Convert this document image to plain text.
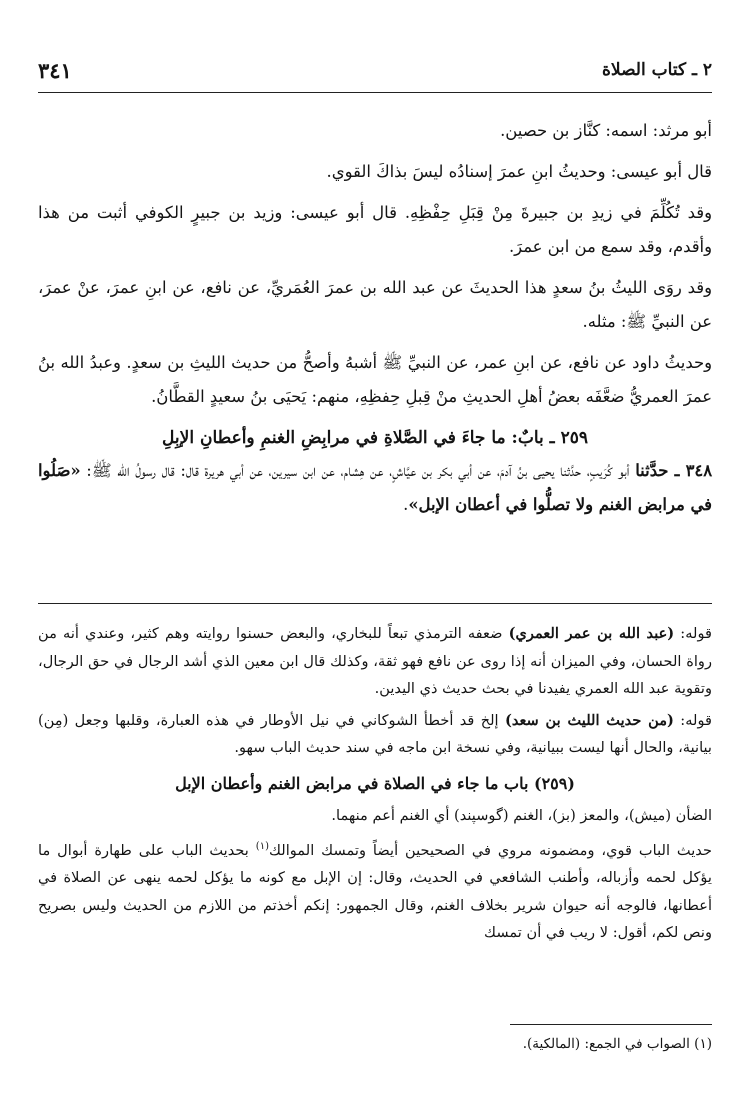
٢ ـ كتاب الصلاة
٣٤١

أبو مرثد: اسمه: كنَّاز بن حصين.

قال أبو عيسى: وحديثُ ابنِ عمرَ إسنادُه ليسَ بذاكَ القوي.

وقد تُكُلِّمَ في زيدِ بن جبيرةَ مِنْ قِبَلِ حِفْظِهِ. قال أبو عيسى: وزيد بن جبيرٍ الكوفي أثبت من هذا وأقدم، وقد سمع من ابن عمرَ.

وقد روَى الليثُ بنُ سعدٍ هذا الحديثَ عن عبد الله بن عمرَ العُمَريِّ، عن نافع، عن ابنِ عمرَ، عنْ عمرَ، عن النبيِّ ﷺ: مثله.

وحديثُ داود عن نافع، عن ابنِ عمر، عن النبيِّ ﷺ أشبهُ وأصحُّ من حديث الليثِ بن سعدٍ. وعبدُ الله بنُ عمرَ العمريُّ ضعَّفَه بعضُ أهلِ الحديثِ منْ قِبلِ حِفظِهِ، منهم: يَحيَى بنُ سعيدٍ القطَّانُ.

٢٥٩ ـ بابٌ: ما جاءَ في الصَّلاةِ في مرابِضِ الغنمِ وأعطانِ الإبِلِ

٣٤٨ ـ حدَّثنا أبو كُرَيبٍ، حدَّثنا يحيى بنُ آدمَ، عن أبي بكر بن عيَّاشٍ، عن هِشام، عن ابن سيرين، عن أبي هريرة قال: قال رسولُ الله ﷺ: «صَلُوا في مرابض الغنم ولا تصلُّوا في أعطان الإبل».

قوله: (عبد الله بن عمر العمري) ضعفه الترمذي تبعاً للبخاري، والبعض حسنوا روايته وهم كثير، وعندي أنه من رواة الحسان، وفي الميزان أنه إذا روى عن نافع فهو ثقة، وكذلك قال ابن معين الذي أشد الرجال في حق الرجال، وتقوية عبد الله العمري يفيدنا في بحث حديث ذي اليدين.

قوله: (من حديث الليث بن سعد) إلخ قد أخطأ الشوكاني في نيل الأوطار في هذه العبارة، وقلبها وجعل (مِن) بيانية، والحال أنها ليست ببيانية، وفي نسخة ابن ماجه في سند حديث الباب سهو.

(٢٥٩) باب ما جاء في الصلاة في مرابض الغنم وأعطان الإبل

الضأن (ميش)، والمعز (بز)، الغنم (گوسپند) أي الغنم أعم منهما.

حديث الباب قوي، ومضمونه مروي في الصحيحين أيضاً وتمسك الموالك$^{(١)}$ بحديث الباب على طهارة أبوال ما يؤكل لحمه وأزباله، وأطنب الشافعي في الحديث، وقال: إن الإبل مع كونه ما يؤكل لحمه ينهى عن الصلاة في أعطانها، فالوجه أنه حيوان شرير بخلاف الغنم، وقال الجمهور: إنكم أخذتم من اللازم من الحديث وليس بصريح ونص لكم، أقول: لا ريب في أن تمسك

(١) الصواب في الجمع: (المالكية).
